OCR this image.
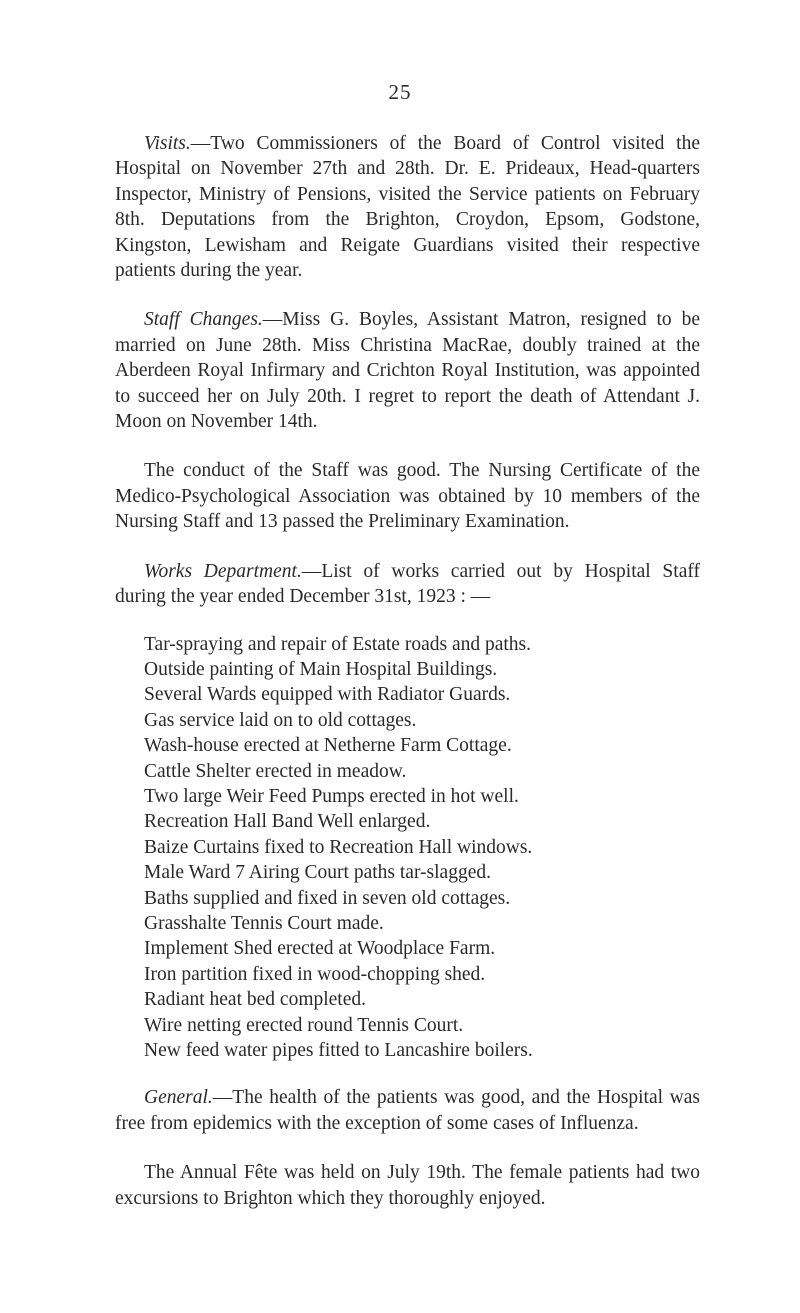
25

Visits.—Two Commissioners of the Board of Control visited the Hospital on November 27th and 28th. Dr. E. Prideaux, Head-quarters Inspector, Ministry of Pensions, visited the Service patients on February 8th. Deputations from the Brighton, Croydon, Epsom, Godstone, Kingston, Lewisham and Reigate Guardians visited their respective patients during the year.

Staff Changes.—Miss G. Boyles, Assistant Matron, resigned to be married on June 28th. Miss Christina MacRae, doubly trained at the Aberdeen Royal Infirmary and Crichton Royal Institution, was appointed to succeed her on July 20th. I regret to report the death of Attendant J. Moon on November 14th.

The conduct of the Staff was good. The Nursing Certificate of the Medico-Psychological Association was obtained by 10 members of the Nursing Staff and 13 passed the Preliminary Examination.

Works Department.—List of works carried out by Hospital Staff during the year ended December 31st, 1923 : —

Tar-spraying and repair of Estate roads and paths.
Outside painting of Main Hospital Buildings.
Several Wards equipped with Radiator Guards.
Gas service laid on to old cottages.
Wash-house erected at Netherne Farm Cottage.
Cattle Shelter erected in meadow.
Two large Weir Feed Pumps erected in hot well.
Recreation Hall Band Well enlarged.
Baize Curtains fixed to Recreation Hall windows.
Male Ward 7 Airing Court paths tar-slagged.
Baths supplied and fixed in seven old cottages.
Grasshalte Tennis Court made.
Implement Shed erected at Woodplace Farm.
Iron partition fixed in wood-chopping shed.
Radiant heat bed completed.
Wire netting erected round Tennis Court.
New feed water pipes fitted to Lancashire boilers.

General.—The health of the patients was good, and the Hospital was free from epidemics with the exception of some cases of Influenza.

The Annual Fête was held on July 19th. The female patients had two excursions to Brighton which they thoroughly enjoyed.
